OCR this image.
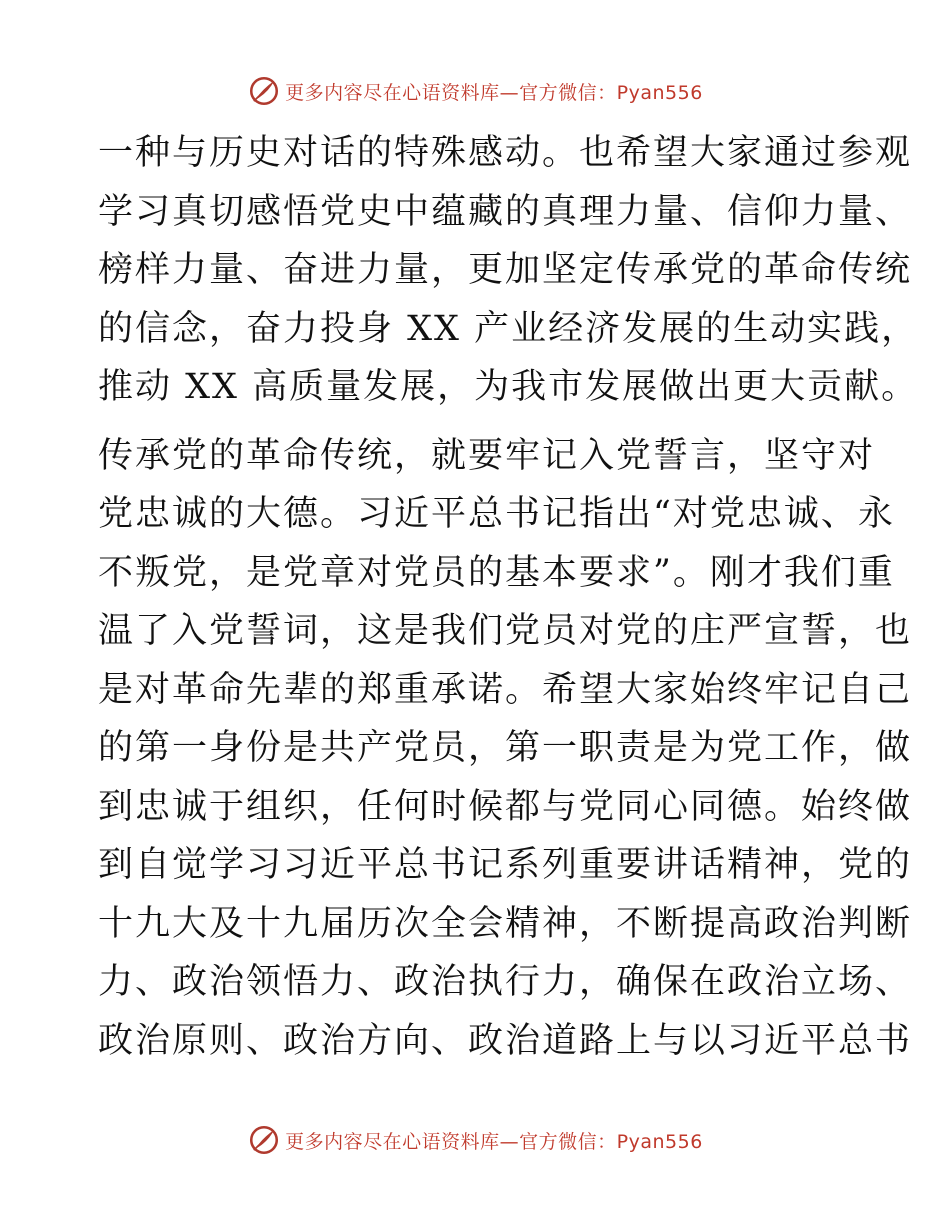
更多内容尽在心语资料库—官方微信：Pyan556

一种与历史对话的特殊感动。也希望大家通过参观
学习真切感悟党史中蕴藏的真理力量、信仰力量、
榜样力量、奋进力量，更加坚定传承党的革命传统
的信念，奋力投身 XX 产业经济发展的生动实践，
推动 XX 高质量发展，为我市发展做出更大贡献。

传承党的革命传统，就要牢记入党誓言，坚守对
党忠诚的大德。习近平总书记指出“对党忠诚、永
不叛党，是党章对党员的基本要求”。刚才我们重
温了入党誓词，这是我们党员对党的庄严宣誓，也
是对革命先辈的郑重承诺。希望大家始终牢记自己
的第一身份是共产党员，第一职责是为党工作，做
到忠诚于组织，任何时候都与党同心同德。始终做
到自觉学习习近平总书记系列重要讲话精神，党的
十九大及十九届历次全会精神，不断提高政治判断
力、政治领悟力、政治执行力，确保在政治立场、
政治原则、政治方向、政治道路上与以习近平总书

更多内容尽在心语资料库—官方微信：Pyan556
